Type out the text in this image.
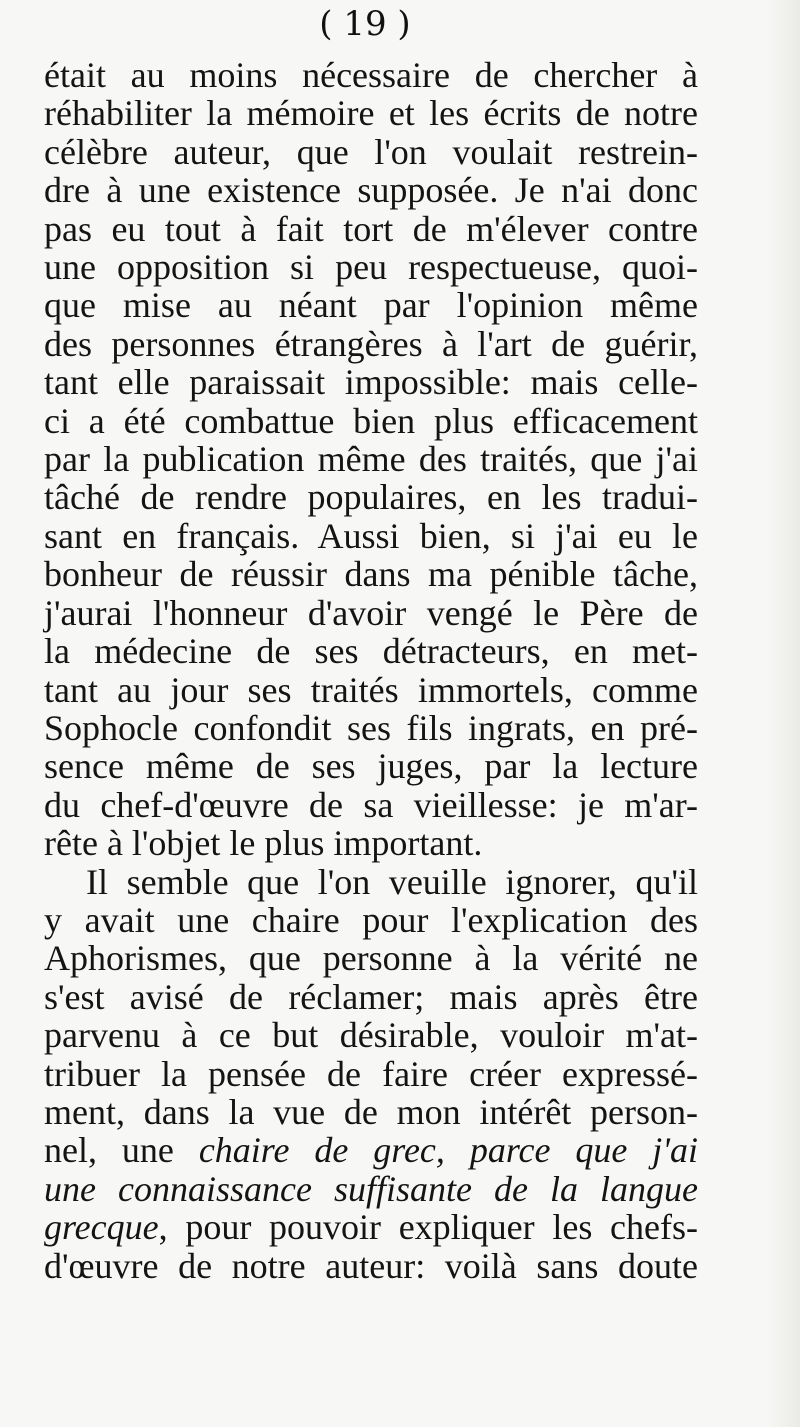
( 19 )
était au moins nécessaire de chercher à
réhabiliter la mémoire et les écrits de notre
célèbre auteur, que l'on voulait restrein-
dre à une existence supposée. Je n'ai donc
pas eu tout à fait tort de m'élever contre
une opposition si peu respectueuse, quoi-
que mise au néant par l'opinion même
des personnes étrangères à l'art de guérir,
tant elle paraissait impossible: mais celle-
ci a été combattue bien plus efficacement
par la publication même des traités, que j'ai
tâché de rendre populaires, en les tradui-
sant en français. Aussi bien, si j'ai eu le
bonheur de réussir dans ma pénible tâche,
j'aurai l'honneur d'avoir vengé le Père de
la médecine de ses détracteurs, en met-
tant au jour ses traités immortels, comme
Sophocle confondit ses fils ingrats, en pré-
sence même de ses juges, par la lecture
du chef-d'œuvre de sa vieillesse: je m'ar-
rête à l'objet le plus important.
Il semble que l'on veuille ignorer, qu'il
y avait une chaire pour l'explication des
Aphorismes, que personne à la vérité ne
s'est avisé de réclamer; mais après être
parvenu à ce but désirable, vouloir m'at-
tribuer la pensée de faire créer expressé-
ment, dans la vue de mon intérêt person-
nel, une chaire de grec, parce que j'ai
une connaissance suffisante de la langue
grecque, pour pouvoir expliquer les chefs-
d'œuvre de notre auteur: voilà sans doute
